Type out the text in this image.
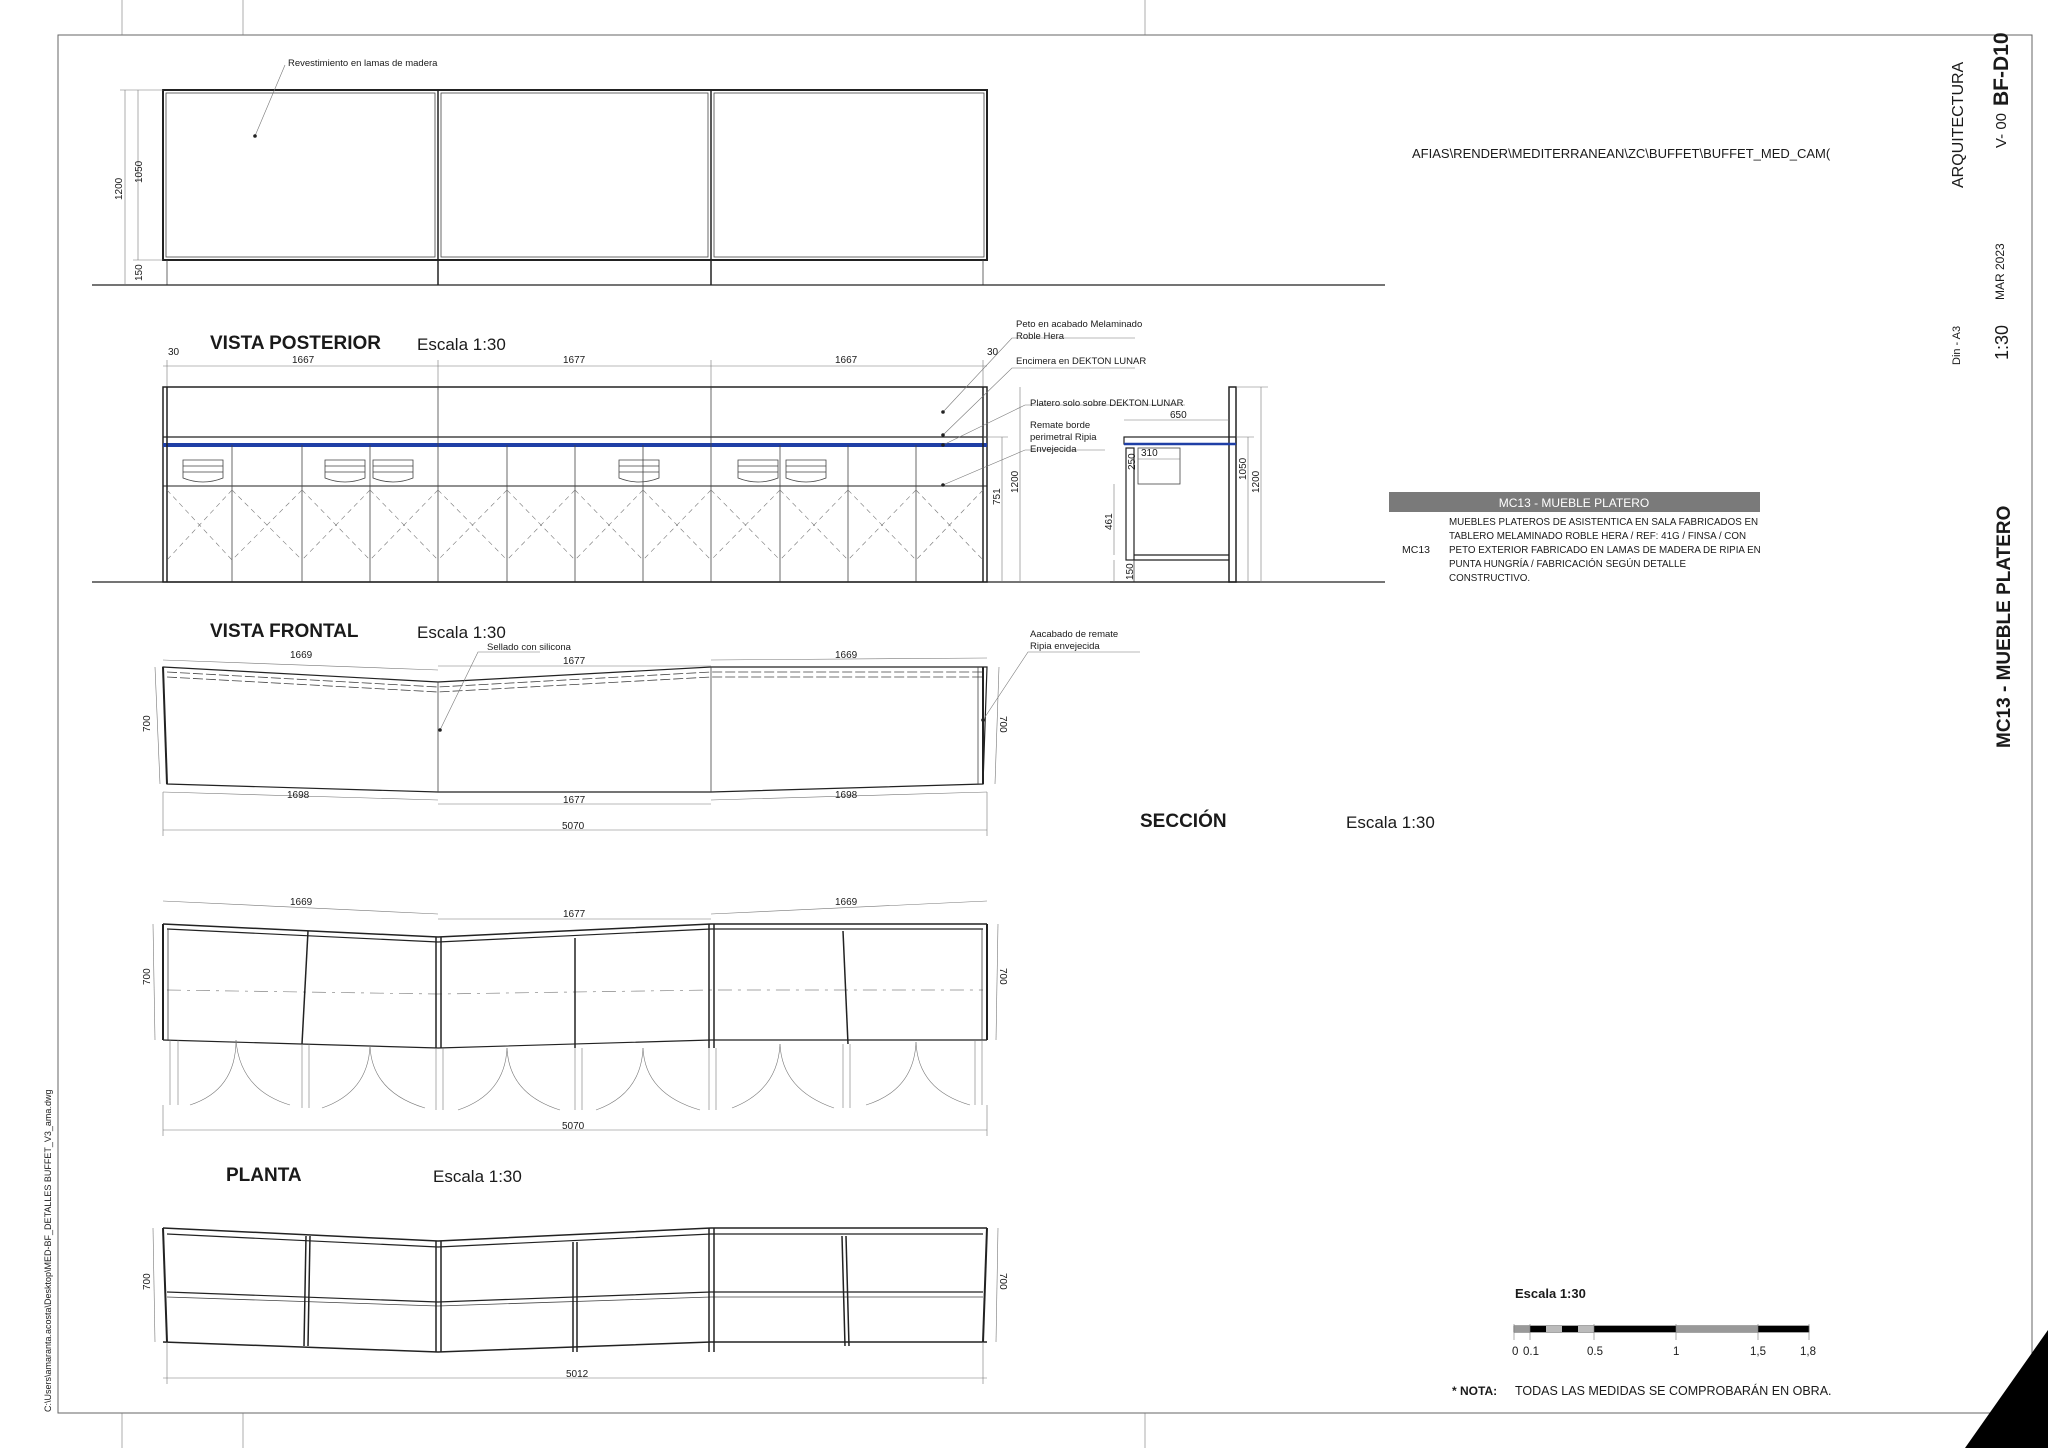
C:\Users\amaranta.acosta\Desktop\MED-BF_DETALLES BUFFET_V3_ama.dwg
Revestimiento en lamas de madera
1200
1050
150
VISTA POSTERIOR Escala 1:30
30
1667	1677	1667
30
751
1200
Peto en acabado Melaminado
Roble Hera
Encimera en DEKTON LUNAR
Platero solo sobre DEKTON LUNAR
Remate borde
perimetral Ripia
Envejecida
650
310
250
461
150
1050
1200
VISTA FRONTAL	Escala 1:30
Sellado con silicona
Aacabado de remate
Ripia envejecida
1669
1677
1669
1698	1677	1698
5070
700	700
SECCIÓN	Escala 1:30
1669
1677
1669
5070
700	700
PLANTA	Escala 1:30
5012
700	700
AFIAS\RENDER\MEDITERRANEAN\ZC\BUFFET\BUFFET_MED_CAM(
MC13 - MUEBLE PLATERO
MC13
MUEBLES PLATEROS DE ASISTENTICA EN SALA FABRICADOS EN
TABLERO MELAMINADO ROBLE HERA / REF: 41G / FINSA / CON
PETO EXTERIOR FABRICADO EN LAMAS DE MADERA DE RIPIA EN
PUNTA HUNGRÍA / FABRICACIÓN SEGÚN DETALLE
CONSTRUCTIVO.
Escala 1:30
0 0.1	0.5	1	1,5	1,8
* NOTA: TODAS LAS MEDIDAS SE COMPROBARÁN EN OBRA.
ARQUITECTURA V- 00
BF-D10
Din - A3
MAR 2023
1:30
MC13 - MUEBLE PLATERO
